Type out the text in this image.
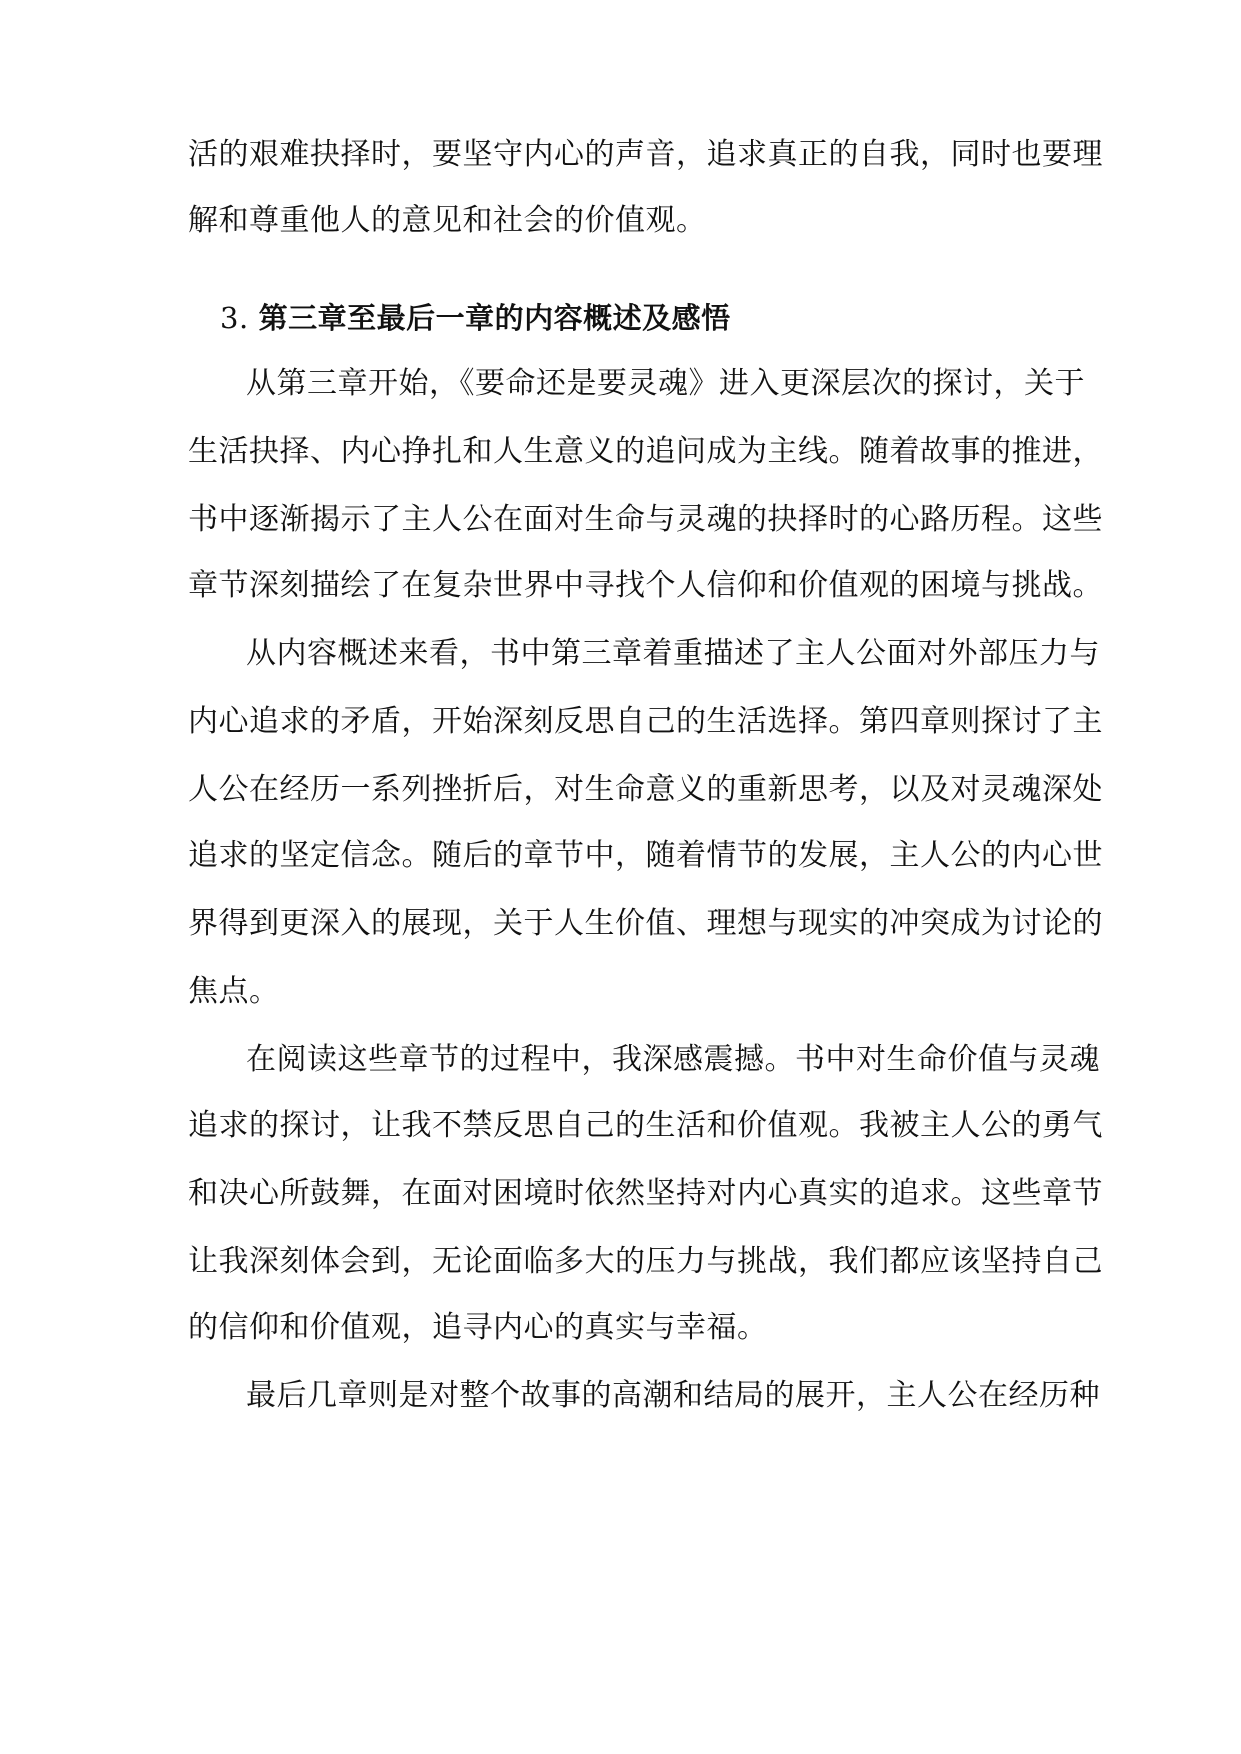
活的艰难抉择时，要坚守内心的声音，追求真正的自我，同时也要理
解和尊重他人的意见和社会的价值观。
3. 第三章至最后一章的内容概述及感悟
从第三章开始，《要命还是要灵魂》进入更深层次的探讨，关于
生活抉择、内心挣扎和人生意义的追问成为主线。随着故事的推进，
书中逐渐揭示了主人公在面对生命与灵魂的抉择时的心路历程。这些
章节深刻描绘了在复杂世界中寻找个人信仰和价值观的困境与挑战。
从内容概述来看，书中第三章着重描述了主人公面对外部压力与
内心追求的矛盾，开始深刻反思自己的生活选择。第四章则探讨了主
人公在经历一系列挫折后，对生命意义的重新思考，以及对灵魂深处
追求的坚定信念。随后的章节中，随着情节的发展，主人公的内心世
界得到更深入的展现，关于人生价值、理想与现实的冲突成为讨论的
焦点。
在阅读这些章节的过程中，我深感震撼。书中对生命价值与灵魂
追求的探讨，让我不禁反思自己的生活和价值观。我被主人公的勇气
和决心所鼓舞，在面对困境时依然坚持对内心真实的追求。这些章节
让我深刻体会到，无论面临多大的压力与挑战，我们都应该坚持自己
的信仰和价值观，追寻内心的真实与幸福。
最后几章则是对整个故事的高潮和结局的展开，主人公在经历种
